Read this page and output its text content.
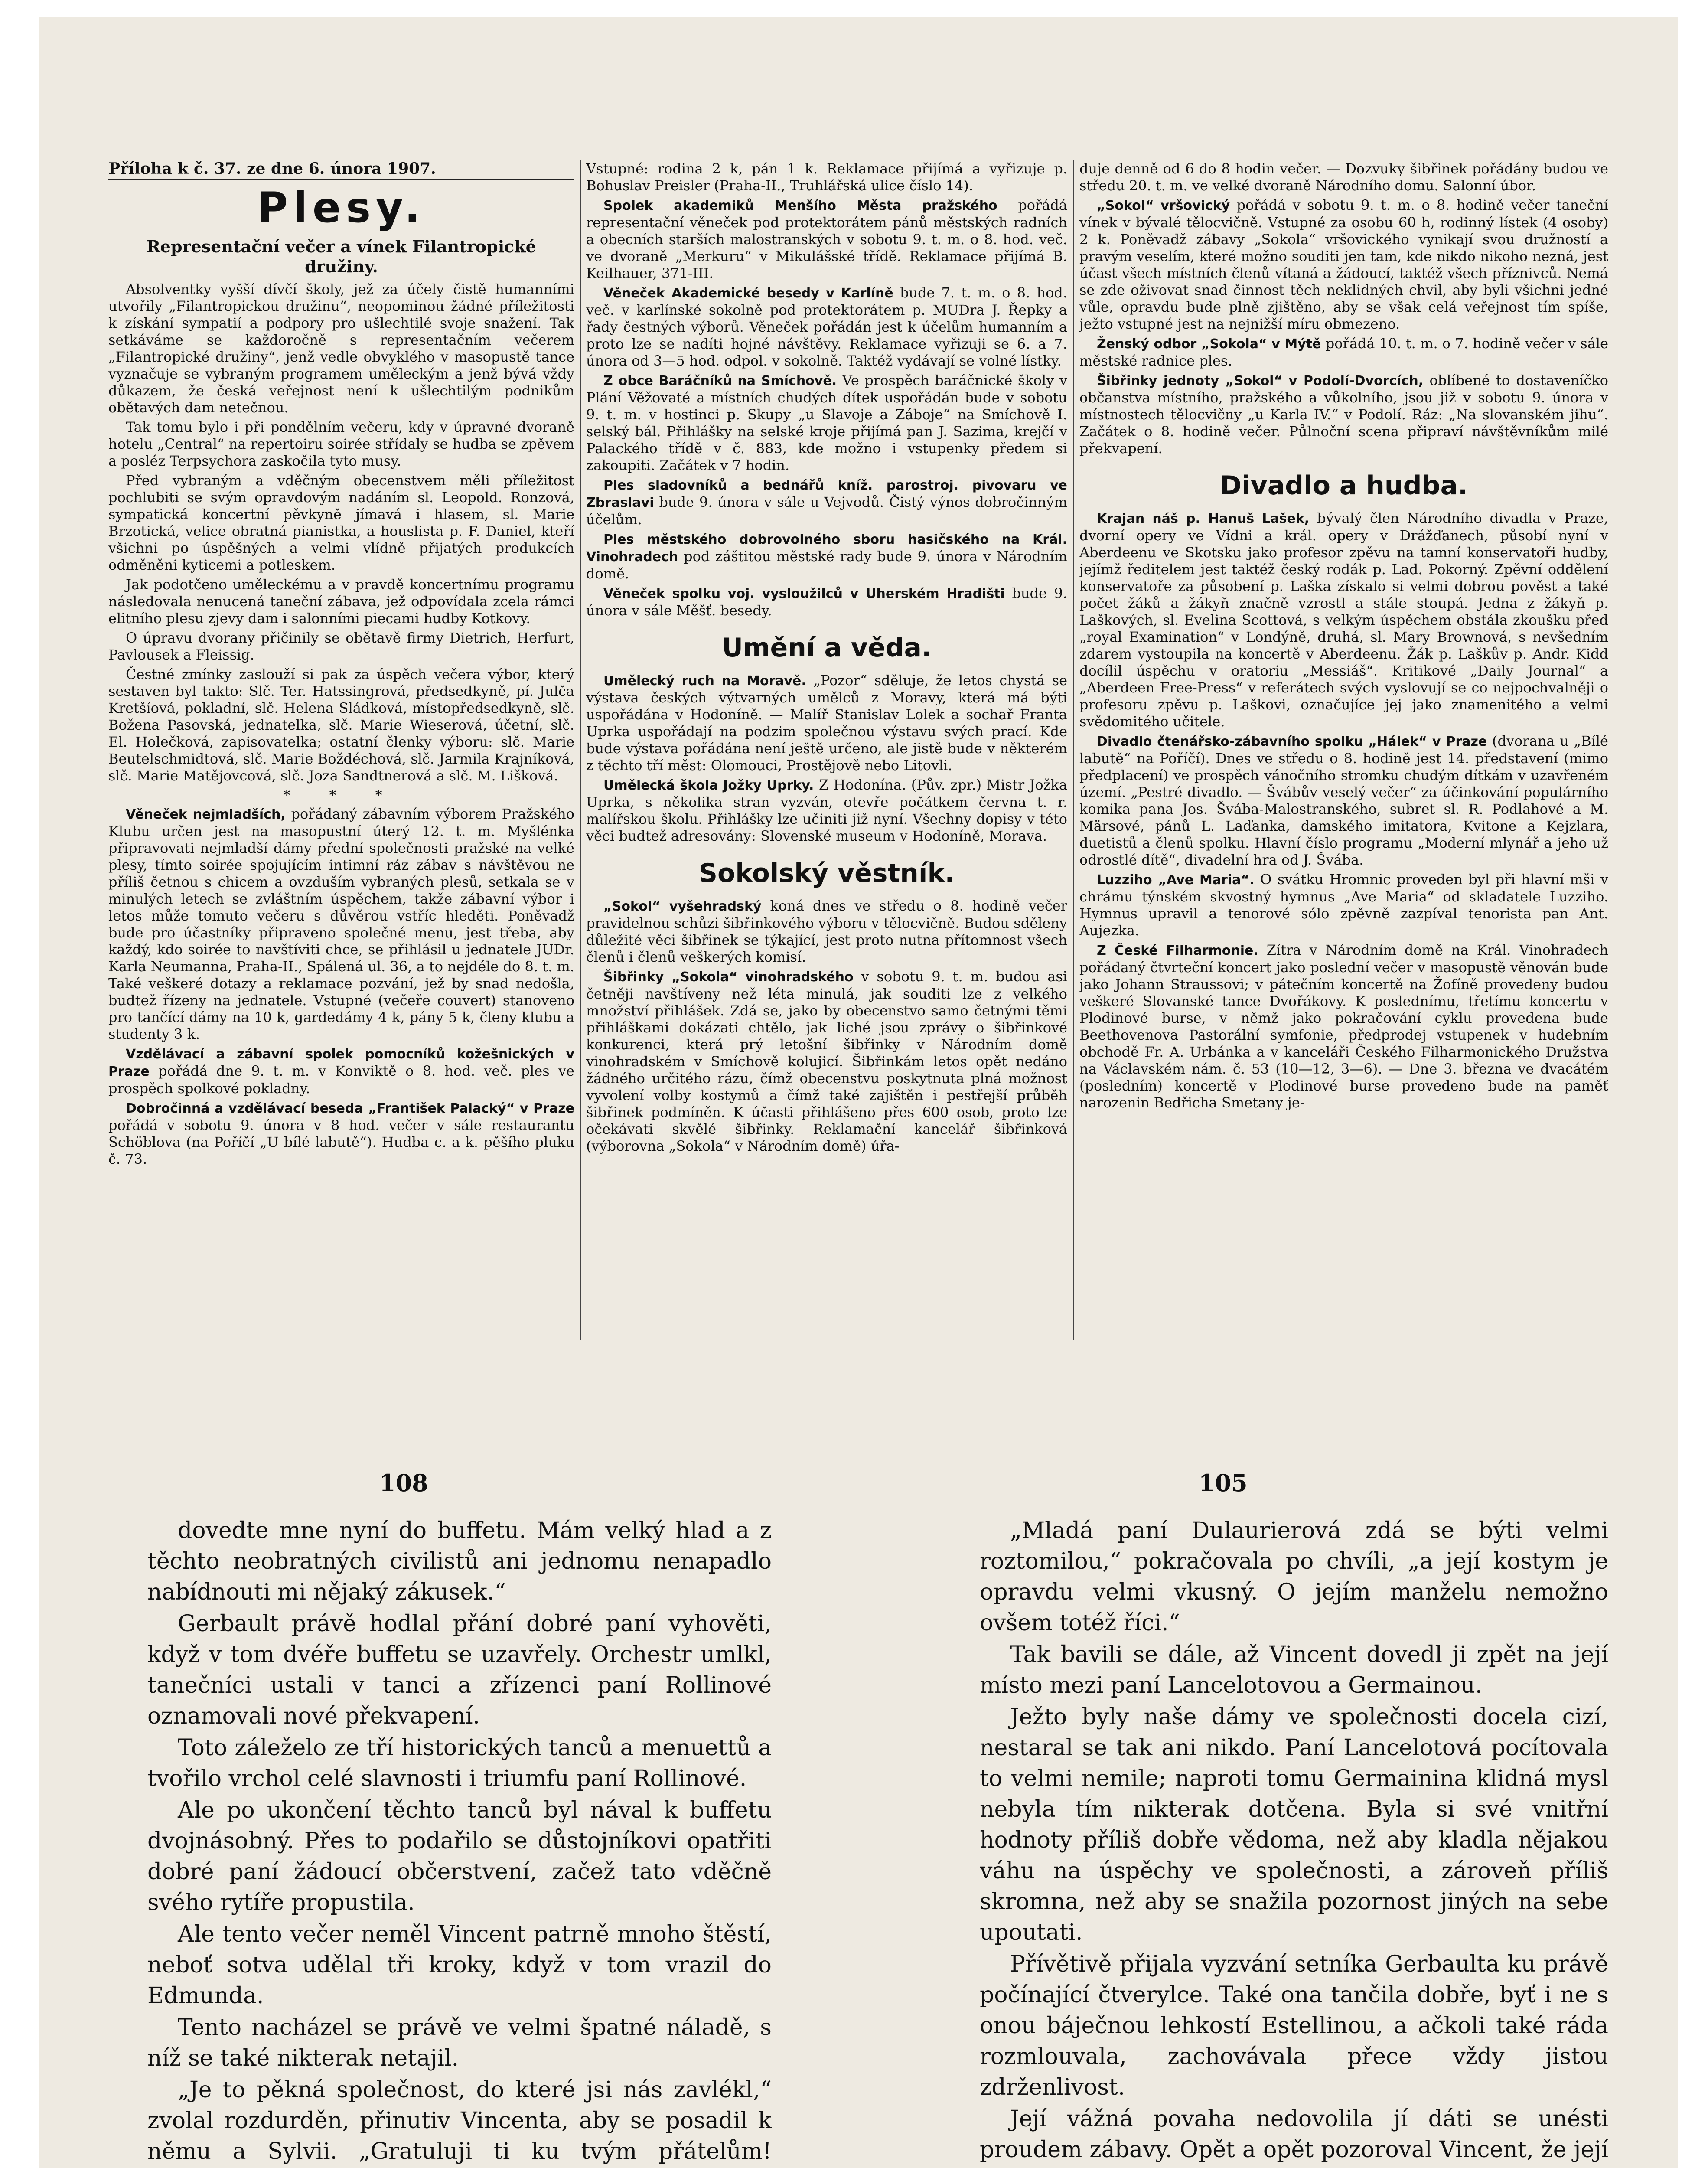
Příloha k č. 37. ze dne 6. února 1907.

Plesy.
Representační večer a vínek Filantropické družiny.

Absolventky vyšší dívčí školy, jež za účely čistě humanními utvořily „Filantropickou družinu“, neopominou žádné příležitosti k získání sympatií a podpory pro ušlechtilé svoje snažení. Tak setkáváme se každoročně s representačním večerem „Filantropické družiny“, jenž vedle obvyklého v masopustě tance vyznačuje se vybraným programem uměleckým a jenž bývá vždy důkazem, že česká veřejnost není k ušlechtilým podnikům obětavých dam netečnou.

Tak tomu bylo i při pondělním večeru, kdy v úpravné dvoraně hotelu „Central“ na repertoiru soirée střídaly se hudba se zpěvem a posléz Terpsychora zaskočila tyto musy.

Před vybraným a vděčným obecenstvem měli příležitost pochlubiti se svým opravdovým nadáním sl. Leopold. Ronzová, sympatická koncertní pěvkyně jímavá i hlasem, sl. Marie Brzotická, velice obratná pianistka, a houslista p. F. Daniel, kteří všichni po úspěšných a velmi vlídně přijatých produkcích odměněni kyticemi a potleskem.

Jak podotčeno uměleckému a v pravdě koncertnímu programu následovala nenucená taneční zábava, jež odpovídala zcela rámci elitního plesu zjevy dam i salonními piecami hudby Kotkovy.

O úpravu dvorany přičinily se obětavě firmy Dietrich, Herfurt, Pavlousek a Fleissig.

Čestné zmínky zaslouží si pak za úspěch večera výbor, který sestaven byl takto: Slč. Ter. Hatssingrová, předsedkyně, pí. Julča Kretšíová, pokladní, slč. Helena Sládková, místopředsedkyně, slč. Božena Pasovská, jednatelka, slč. Marie Wieserová, účetní, slč. El. Holečková, zapisovatelka; ostatní členky výboru: slč. Marie Beutelschmidtová, slč. Marie Boždéchová, slč. Jarmila Krajníková, slč. Marie Matějovcová, slč. Joza Sandtnerová a slč. M. Lišková.

* * *

Věneček nejmladších, pořádaný zábavním výborem Pražského Klubu určen jest na masopustní úterý 12. t. m. Myšlénka připravovati nejmladší dámy přední společnosti pražské na velké plesy, tímto soirée spojujícím intimní ráz zábav s návštěvou ne příliš četnou s chicem a ovzduším vybraných plesů, setkala se v minulých letech se zvláštním úspěchem, takže zábavní výbor i letos může tomuto večeru s důvěrou vstříc hleděti. Poněvadž bude pro účastníky připraveno společné menu, jest třeba, aby každý, kdo soirée to navštíviti chce, se přihlásil u jednatele JUDr. Karla Neumanna, Praha-II., Spálená ul. 36, a to nejdéle do 8. t. m. Také veškeré dotazy a reklamace pozvání, jež by snad nedošla, budtež řízeny na jednatele. Vstupné (večeře couvert) stanoveno pro tančící dámy na 10 k, gardedámy 4 k, pány 5 k, členy klubu a studenty 3 k.

Vzdělávací a zábavní spolek pomocníků kožešnických v Praze pořádá dne 9. t. m. v Konviktě o 8. hod. več. ples ve prospěch spolkové pokladny.

Dobročinná a vzdělávací beseda „František Palacký“ v Praze pořádá v sobotu 9. února v 8 hod. večer v sále restaurantu Schöblova (na Poříčí „U bílé labutě“). Hudba c. a k. pěšího pluku č. 73.

Vstupné: rodina 2 k, pán 1 k. Reklamace přijímá a vyřizuje p. Bohuslav Preisler (Praha-II., Truhlářská ulice číslo 14).

Spolek akademiků Menšího Města pražského pořádá representační věneček pod protektorátem pánů městských radních a obecních starších malostranských v sobotu 9. t. m. o 8. hod. več. ve dvoraně „Merkuru“ v Mikulášské třídě. Reklamace přijímá B. Keilhauer, 371-III.

Věneček Akademické besedy v Karlíně bude 7. t. m. o 8. hod. več. v karlínské sokolně pod protektorátem p. MUDra J. Řepky a řady čestných výborů. Věneček pořádán jest k účelům humanním a proto lze se nadíti hojné návštěvy. Reklamace vyřizuji se 6. a 7. února od 3—5 hod. odpol. v sokolně. Taktéž vydávají se volné lístky.

Z obce Baráčníků na Smíchově. Ve prospěch baráčnické školy v Plání Věžovaté a místních chudých dítek uspořádán bude v sobotu 9. t. m. v hostinci p. Skupy „u Slavoje a Záboje“ na Smíchově I. selský bál. Přihlášky na selské kroje přijímá pan J. Sazima, krejčí v Palackého třídě v č. 883, kde možno i vstupenky předem si zakoupiti. Začátek v 7 hodin.

Ples sladovníků a bednářů kníž. parostroj. pivovaru ve Zbraslavi bude 9. února v sále u Vejvodů. Čistý výnos dobročinným účelům.

Ples městského dobrovolného sboru hasičského na Král. Vinohradech pod záštitou městské rady bude 9. února v Národním domě.

Věneček spolku voj. vysloužilců v Uherském Hradišti bude 9. února v sále Měšť. besedy.

Umění a věda.

Umělecký ruch na Moravě. „Pozor“ sděluje, že letos chystá se výstava českých výtvarných umělců z Moravy, která má býti uspořádána v Hodoníně. — Malíř Stanislav Lolek a sochař Franta Uprka uspořádají na podzim společnou výstavu svých prací. Kde bude výstava pořádána není ještě určeno, ale jistě bude v některém z těchto tří měst: Olomouci, Prostějově nebo Litovli.

Umělecká škola Jožky Uprky. Z Hodonína. (Pův. zpr.) Mistr Jožka Uprka, s několika stran vyzván, otevře počátkem června t. r. malířskou školu. Přihlášky lze učiniti již nyní. Všechny dopisy v této věci budtež adresovány: Slovenské museum v Hodoníně, Morava.

Sokolský věstník.

„Sokol“ vyšehradský koná dnes ve středu o 8. hodině večer pravidelnou schůzi šibřinkového výboru v tělocvičně. Budou sděleny důležité věci šibřinek se týkající, jest proto nutna přítomnost všech členů i členů veškerých komisí.

Šibřinky „Sokola“ vinohradského v sobotu 9. t. m. budou asi četněji navštíveny než léta minulá, jak souditi lze z velkého množství přihlášek. Zdá se, jako by obecenstvo samo četnými těmi přihláškami dokázati chtělo, jak liché jsou zprávy o šibřinkové konkurenci, která prý letošní šibřinky v Národním domě vinohradském v Smíchově kolujicí. Šibřinkám letos opět nedáno žádného určitého rázu, čímž obecenstvu poskytnuta plná možnost vyvolení volby kostymů a čímž také zajištěn i pestřejší průběh šibřinek podmíněn. K účasti přihlášeno přes 600 osob, proto lze očekávati skvělé šibřinky. Reklamační kancelář šibřinková (výborovna „Sokola“ v Národním domě) úřa-

duje denně od 6 do 8 hodin večer. — Dozvuky šibřinek pořádány budou ve středu 20. t. m. ve velké dvoraně Národního domu. Salonní úbor.

„Sokol“ vršovický pořádá v sobotu 9. t. m. o 8. hodině večer taneční vínek v bývalé tělocvičně. Vstupné za osobu 60 h, rodinný lístek (4 osoby) 2 k. Poněvadž zábavy „Sokola“ vršovického vynikají svou družností a pravým veselím, které možno souditi jen tam, kde nikdo nikoho nezná, jest účast všech místních členů vítaná a žádoucí, taktéž všech příznivců. Nemá se zde oživovat snad činnost těch neklidných chvil, aby byli všichni jedné vůle, opravdu bude plně zjištěno, aby se však celá veřejnost tím spíše, ježto vstupné jest na nejnižší míru obmezeno.

Ženský odbor „Sokola“ v Mýtě pořádá 10. t. m. o 7. hodině večer v sále městské radnice ples.

Šibřinky jednoty „Sokol“ v Podolí-Dvorcích, oblíbené to dostaveníčko občanstva místního, pražského a vůkolního, jsou již v sobotu 9. února v místnostech tělocvičny „u Karla IV.“ v Podolí. Ráz: „Na slovanském jihu“. Začátek o 8. hodině večer. Půlnoční scena připraví návštěvníkům milé překvapení.

Divadlo a hudba.

Krajan náš p. Hanuš Lašek, bývalý člen Národního divadla v Praze, dvorní opery ve Vídni a král. opery v Drážďanech, působí nyní v Aberdeenu ve Skotsku jako profesor zpěvu na tamní konservatoři hudby, jejímž ředitelem jest taktéž český rodák p. Lad. Pokorný. Zpěvní oddělení konservatoře za působení p. Laška získalo si velmi dobrou pověst a také počet žáků a žákyň značně vzrostl a stále stoupá. Jedna z žákyň p. Laškových, sl. Evelina Scottová, s velkým úspěchem obstála zkoušku před „royal Examination“ v Londýně, druhá, sl. Mary Brownová, s nevšedním zdarem vystoupila na koncertě v Aberdeenu. Žák p. Laškův p. Andr. Kidd docílil úspěchu v oratoriu „Messiáš“. Kritikové „Daily Journal“ a „Aberdeen Free-Press“ v referátech svých vyslovují se co nejpochvalněji o profesoru zpěvu p. Laškovi, označujíce jej jako znamenitého a velmi svědomitého učitele.

Divadlo čtenářsko-zábavního spolku „Hálek“ v Praze (dvorana u „Bílé labutě“ na Poříčí). Dnes ve středu o 8. hodině jest 14. představení (mimo předplacení) ve prospěch vánočního stromku chudým dítkám v uzavřeném území. „Pestré divadlo. — Švábův veselý večer“ za účinkování populárního komika pana Jos. Švába-Malostranského, subret sl. R. Podlahové a M. Märsové, pánů L. Laďanka, damského imitatora, Kvitone a Kejzlara, duetistů a členů spolku. Hlavní číslo programu „Moderní mlynář a jeho už odrostlé dítě“, divadelní hra od J. Švába.

Luzziho „Ave Maria“. O svátku Hromnic proveden byl při hlavní mši v chrámu týnském skvostný hymnus „Ave Maria“ od skladatele Luzziho. Hymnus upravil a tenorové sólo zpěvně zazpíval tenorista pan Ant. Aujezka.

Z České Filharmonie. Zítra v Národním domě na Král. Vinohradech pořádaný čtvrteční koncert jako poslední večer v masopustě věnován bude jako Johann Straussovi; v pátečním koncertě na Žofíně provedeny budou veškeré Slovanské tance Dvořákovy. K poslednímu, třetímu koncertu v Plodinové burse, v němž jako pokračování cyklu provedena bude Beethovenova Pastorální symfonie, předprodej vstupenek v hudebním obchodě Fr. A. Urbánka a v kanceláři Českého Filharmonického Družstva na Václavském nám. č. 53 (10—12, 3—6). — Dne 3. března ve dvacátém (posledním) koncertě v Plodinové burse provedeno bude na paměť narozenin Bedřicha Smetany je-

108	105

dovedte mne nyní do buffetu. Mám velký hlad a z těchto neobratných civilistů ani jednomu nenapadlo nabídnouti mi nějaký zákusek.“

Gerbault právě hodlal přání dobré paní vyhověti, když v tom dvéře buffetu se uzavřely. Orchestr umlkl, tanečníci ustali v tanci a zřízenci paní Rollinové oznamovali nové překvapení.

Toto záleželo ze tří historických tanců a menuettů a tvořilo vrchol celé slavnosti i triumfu paní Rollinové.

Ale po ukončení těchto tanců byl nával k buffetu dvojnásobný. Přes to podařilo se důstojníkovi opatřiti dobré paní žádoucí občerstvení, začež tato vděčně svého rytíře propustila.

Ale tento večer neměl Vincent patrně mnoho štěstí, neboť sotva udělal tři kroky, když v tom vrazil do Edmunda.

Tento nacházel se právě ve velmi špatné náladě, s níž se také nikterak netajil.

„Je to pěkná společnost, do které jsi nás zavlékl,“ zvolal rozdurděn, přinutiv Vincenta, aby se posadil k němu a Sylvii. „Gratuluji ti ku tvým přátelům!

„Mladá paní Dulaurierová zdá se býti velmi roztomilou,“ pokračovala po chvíli, „a její kostym je opravdu velmi vkusný. O jejím manželu nemožno ovšem totéž říci.“

Tak bavili se dále, až Vincent dovedl ji zpět na její místo mezi paní Lancelotovou a Germainou.

Ježto byly naše dámy ve společnosti docela cizí, nestaral se tak ani nikdo. Paní Lancelotová pocítovala to velmi nemile; naproti tomu Germainina klidná mysl nebyla tím nikterak dotčena. Byla si své vnitřní hodnoty příliš dobře vědoma, než aby kladla nějakou váhu na úspěchy ve společnosti, a zároveň příliš skromna, než aby se snažila pozornost jiných na sebe upoutati.

Přívětivě přijala vyzvání setníka Gerbaulta ku právě počínající čtverylce. Také ona tančila dobře, byť i ne s onou báječnou lehkostí Estellinou, a ačkoli také ráda rozmlouvala, zachovávala přece vždy jistou zdrženlivost.

Její vážná povaha nedovolila jí dáti se unésti proudem zábavy. Opět a opět pozoroval Vincent, že její
